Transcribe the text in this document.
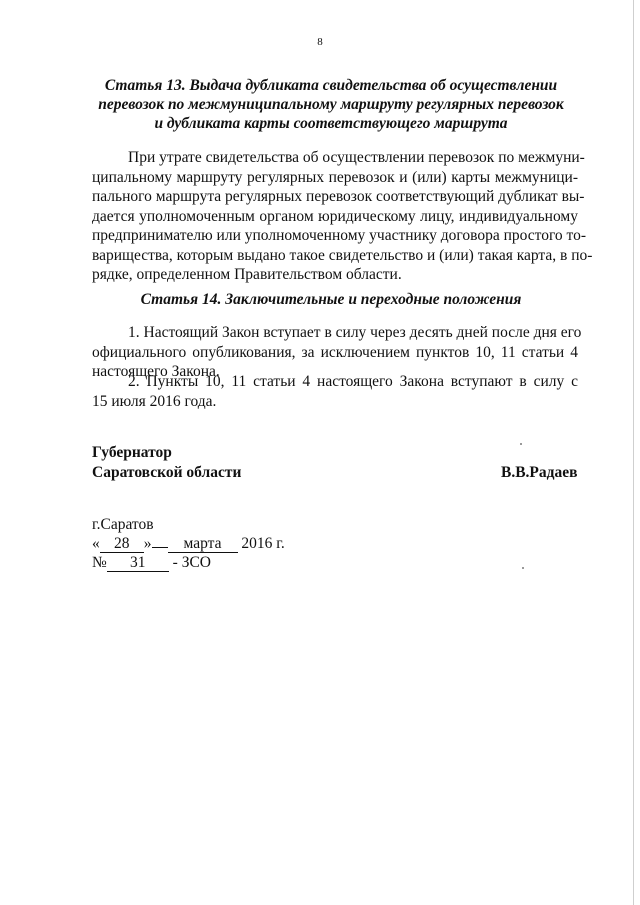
8
Статья 13. Выдача дубликата свидетельства об осуществлении
перевозок по межмуниципальному маршруту регулярных перевозок
и дубликата карты соответствующего маршрута
При утрате свидетельства об осуществлении перевозок по межмуни-
ципальному маршруту регулярных перевозок и (или) карты межмуници-
пального маршрута регулярных перевозок соответствующий дубликат вы-
дается уполномоченным органом юридическому лицу, индивидуальному
предпринимателю или уполномоченному участнику договора простого то-
варищества, которым выдано такое свидетельство и (или) такая карта, в по-
рядке, определенном Правительством области.
Статья 14. Заключительные и переходные положения
1. Настоящий Закон вступает в силу через десять дней после дня его
официального опубликования, за исключением пунктов 10, 11 статьи 4
настоящего Закона.
2. Пункты 10, 11 статьи 4 настоящего Закона вступают в силу с
15 июля 2016 года.
Губернатор
Саратовской области	В.В.Радаев
г.Саратов
« 28 » марта 2016 г.
№ 31 - ЗСО
